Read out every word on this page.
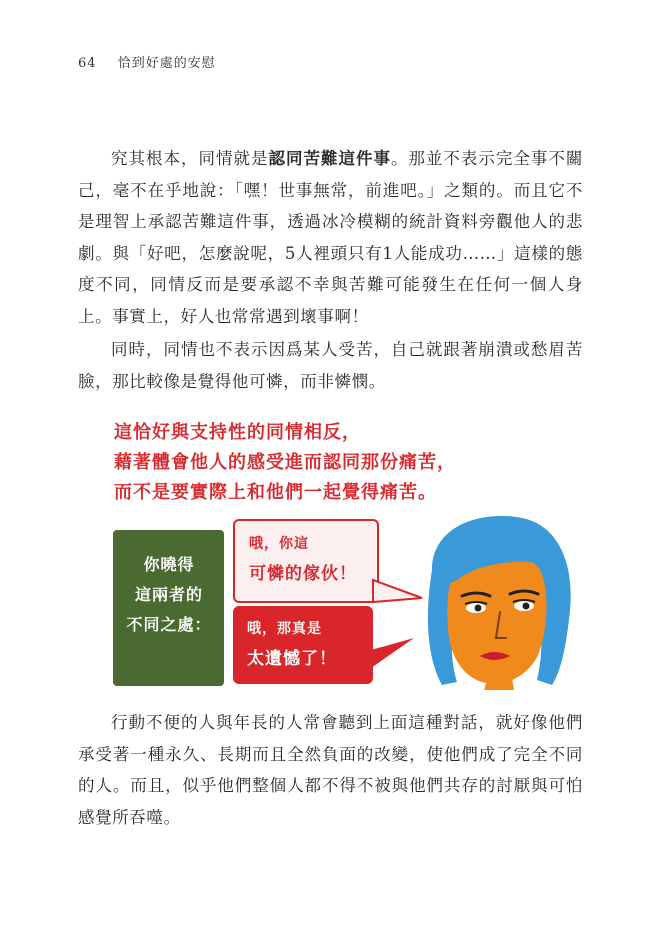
64 恰到好處的安慰

究其根本，同情就是認同苦難這件事。那並不表示完全事不關己，毫不在乎地說：「嘿！世事無常，前進吧。」之類的。而且它不是理智上承認苦難這件事，透過冰冷模糊的統計資料旁觀他人的悲劇。與「好吧，怎麼說呢，5人裡頭只有1人能成功……」這樣的態度不同，同情反而是要承認不幸與苦難可能發生在任何一個人身上。事實上，好人也常常遇到壞事啊！

同時，同情也不表示因爲某人受苦，自己就跟著崩潰或愁眉苦臉，那比較像是覺得他可憐，而非憐憫。

這恰好與支持性的同情相反，
藉著體會他人的感受進而認同那份痛苦，
而不是要實際上和他們一起覺得痛苦。
你曉得
這兩者的
不同之處：
哦，你這
可憐的傢伙！
哦，那真是
太遺憾了！

行動不便的人與年長的人常會聽到上面這種對話，就好像他們承受著一種永久、長期而且全然負面的改變，使他們成了完全不同的人。而且，似乎他們整個人都不得不被與他們共存的討厭與可怕感覺所吞噬。
